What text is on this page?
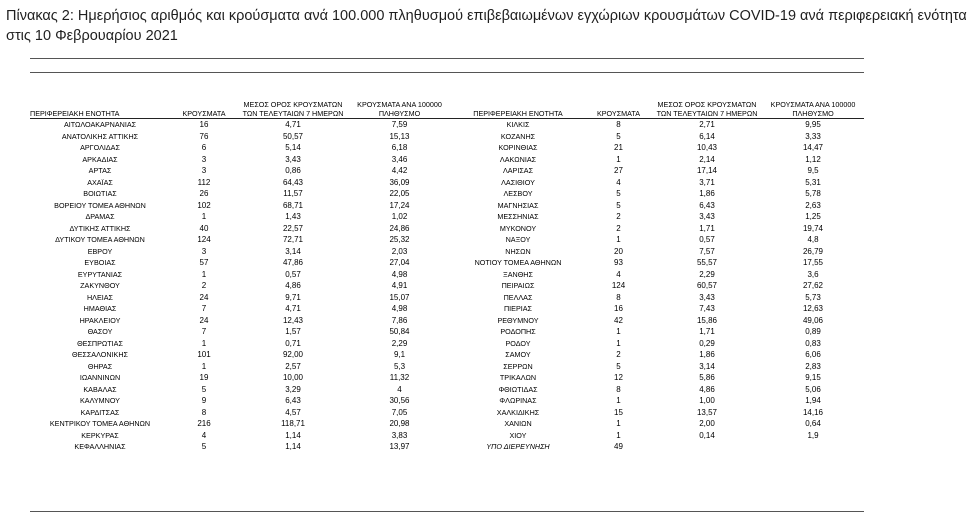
Πίνακας 2: Ημερήσιος αριθμός και κρούσματα ανά 100.000 πληθυσμού επιβεβαιωμένων εγχώριων κρουσμάτων COVID-19 ανά περιφερειακή ενότητα στις 10 Φεβρουαρίου 2021
ΠΕΡΙΦΕΡΕΙΑΚΗ ΕΝΟΤΗΤΑ	ΚΡΟΥΣΜΑΤΑ	ΜΕΣΟΣ ΟΡΟΣ ΚΡΟΥΣΜΑΤΩΝ ΤΩΝ ΤΕΛΕΥΤΑΙΩΝ 7 ΗΜΕΡΩΝ	ΚΡΟΥΣΜΑΤΑ ΑΝΑ 100000 ΠΛΗΘΥΣΜΟ	ΠΕΡΙΦΕΡΕΙΑΚΗ ΕΝΟΤΗΤΑ	ΚΡΟΥΣΜΑΤΑ	ΜΕΣΟΣ ΟΡΟΣ ΚΡΟΥΣΜΑΤΩΝ ΤΩΝ ΤΕΛΕΥΤΑΙΩΝ 7 ΗΜΕΡΩΝ	ΚΡΟΥΣΜΑΤΑ ΑΝΑ 100000 ΠΛΗΘΥΣΜΟ
ΑΙΤΩΛΟΑΚΑΡΝΑΝΙΑΣ	16	4,71	7,59	ΚΙΛΚΙΣ	8	2,71	9,95
ΑΝΑΤΟΛΙΚΗΣ ΑΤΤΙΚΗΣ	76	50,57	15,13	ΚΟΖΑΝΗΣ	5	6,14	3,33
ΑΡΓΟΛΙΔΑΣ	6	5,14	6,18	ΚΟΡΙΝΘΙΑΣ	21	10,43	14,47
ΑΡΚΑΔΙΑΣ	3	3,43	3,46	ΛΑΚΩΝΙΑΣ	1	2,14	1,12
ΑΡΤΑΣ	3	0,86	4,42	ΛΑΡΙΣΑΣ	27	17,14	9,5
ΑΧΑΪΑΣ	112	64,43	36,09	ΛΑΣΙΘΙΟΥ	4	3,71	5,31
ΒΟΙΩΤΙΑΣ	26	11,57	22,05	ΛΕΣΒΟΥ	5	1,86	5,78
ΒΟΡΕΙΟΥ ΤΟΜΕΑ ΑΘΗΝΩΝ	102	68,71	17,24	ΜΑΓΝΗΣΙΑΣ	5	6,43	2,63
ΔΡΑΜΑΣ	1	1,43	1,02	ΜΕΣΣΗΝΙΑΣ	2	3,43	1,25
ΔΥΤΙΚΗΣ ΑΤΤΙΚΗΣ	40	22,57	24,86	ΜΥΚΟΝΟΥ	2	1,71	19,74
ΔΥΤΙΚΟΥ ΤΟΜΕΑ ΑΘΗΝΩΝ	124	72,71	25,32	ΝΑΞΟΥ	1	0,57	4,8
ΕΒΡΟΥ	3	3,14	2,03	ΝΗΣΩΝ	20	7,57	26,79
ΕΥΒΟΙΑΣ	57	47,86	27,04	ΝΟΤΙΟΥ ΤΟΜΕΑ ΑΘΗΝΩΝ	93	55,57	17,55
ΕΥΡΥΤΑΝΙΑΣ	1	0,57	4,98	ΞΑΝΘΗΣ	4	2,29	3,6
ΖΑΚΥΝΘΟΥ	2	4,86	4,91	ΠΕΙΡΑΙΩΣ	124	60,57	27,62
ΗΛΕΙΑΣ	24	9,71	15,07	ΠΕΛΛΑΣ	8	3,43	5,73
ΗΜΑΘΙΑΣ	7	4,71	4,98	ΠΙΕΡΙΑΣ	16	7,43	12,63
ΗΡΑΚΛΕΙΟΥ	24	12,43	7,86	ΡΕΘΥΜΝΟΥ	42	15,86	49,06
ΘΑΣΟΥ	7	1,57	50,84	ΡΟΔΟΠΗΣ	1	1,71	0,89
ΘΕΣΠΡΩΤΙΑΣ	1	0,71	2,29	ΡΟΔΟΥ	1	0,29	0,83
ΘΕΣΣΑΛΟΝΙΚΗΣ	101	92,00	9,1	ΣΑΜΟΥ	2	1,86	6,06
ΘΗΡΑΣ	1	2,57	5,3	ΣΕΡΡΩΝ	5	3,14	2,83
ΙΩΑΝΝΙΝΩΝ	19	10,00	11,32	ΤΡΙΚΑΛΩΝ	12	5,86	9,15
ΚΑΒΑΛΑΣ	5	3,29	4	ΦΘΙΩΤΙΔΑΣ	8	4,86	5,06
ΚΑΛΥΜΝΟΥ	9	6,43	30,56	ΦΛΩΡΙΝΑΣ	1	1,00	1,94
ΚΑΡΔΙΤΣΑΣ	8	4,57	7,05	ΧΑΛΚΙΔΙΚΗΣ	15	13,57	14,16
ΚΕΝΤΡΙΚΟΥ ΤΟΜΕΑ ΑΘΗΝΩΝ	216	118,71	20,98	ΧΑΝΙΩΝ	1	2,00	0,64
ΚΕΡΚΥΡΑΣ	4	1,14	3,83	ΧΙΟΥ	1	0,14	1,9
ΚΕΦΑΛΛΗΝΙΑΣ	5	1,14	13,97	ΥΠΟ ΔΙΕΡΕΥΝΗΣΗ	49		
